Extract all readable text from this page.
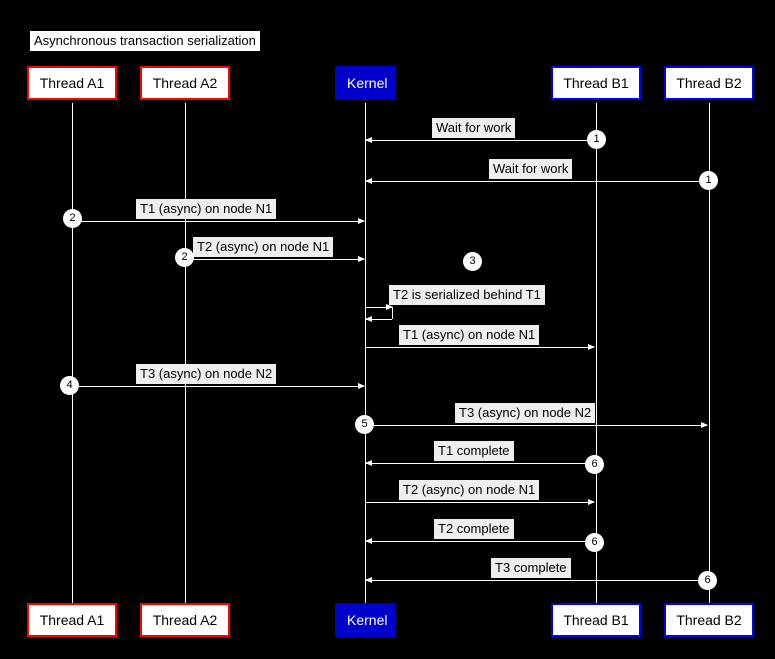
Asynchronous transaction serialization
Thread A1
Thread A1
Thread A2
Thread A2
Kernel
Kernel
Thread B1
Thread B1
Thread B2
Thread B2
Wait for work
Wait for work
T1 (async) on node N1
T2 (async) on node N1
T2 is serialized behind T1
T1 (async) on node N1
T3 (async) on node N2
T3 (async) on node N2
T1 complete
T2 (async) on node N1
T2 complete
T3 complete
1
1
2
2	3
4
5
6
6
6
